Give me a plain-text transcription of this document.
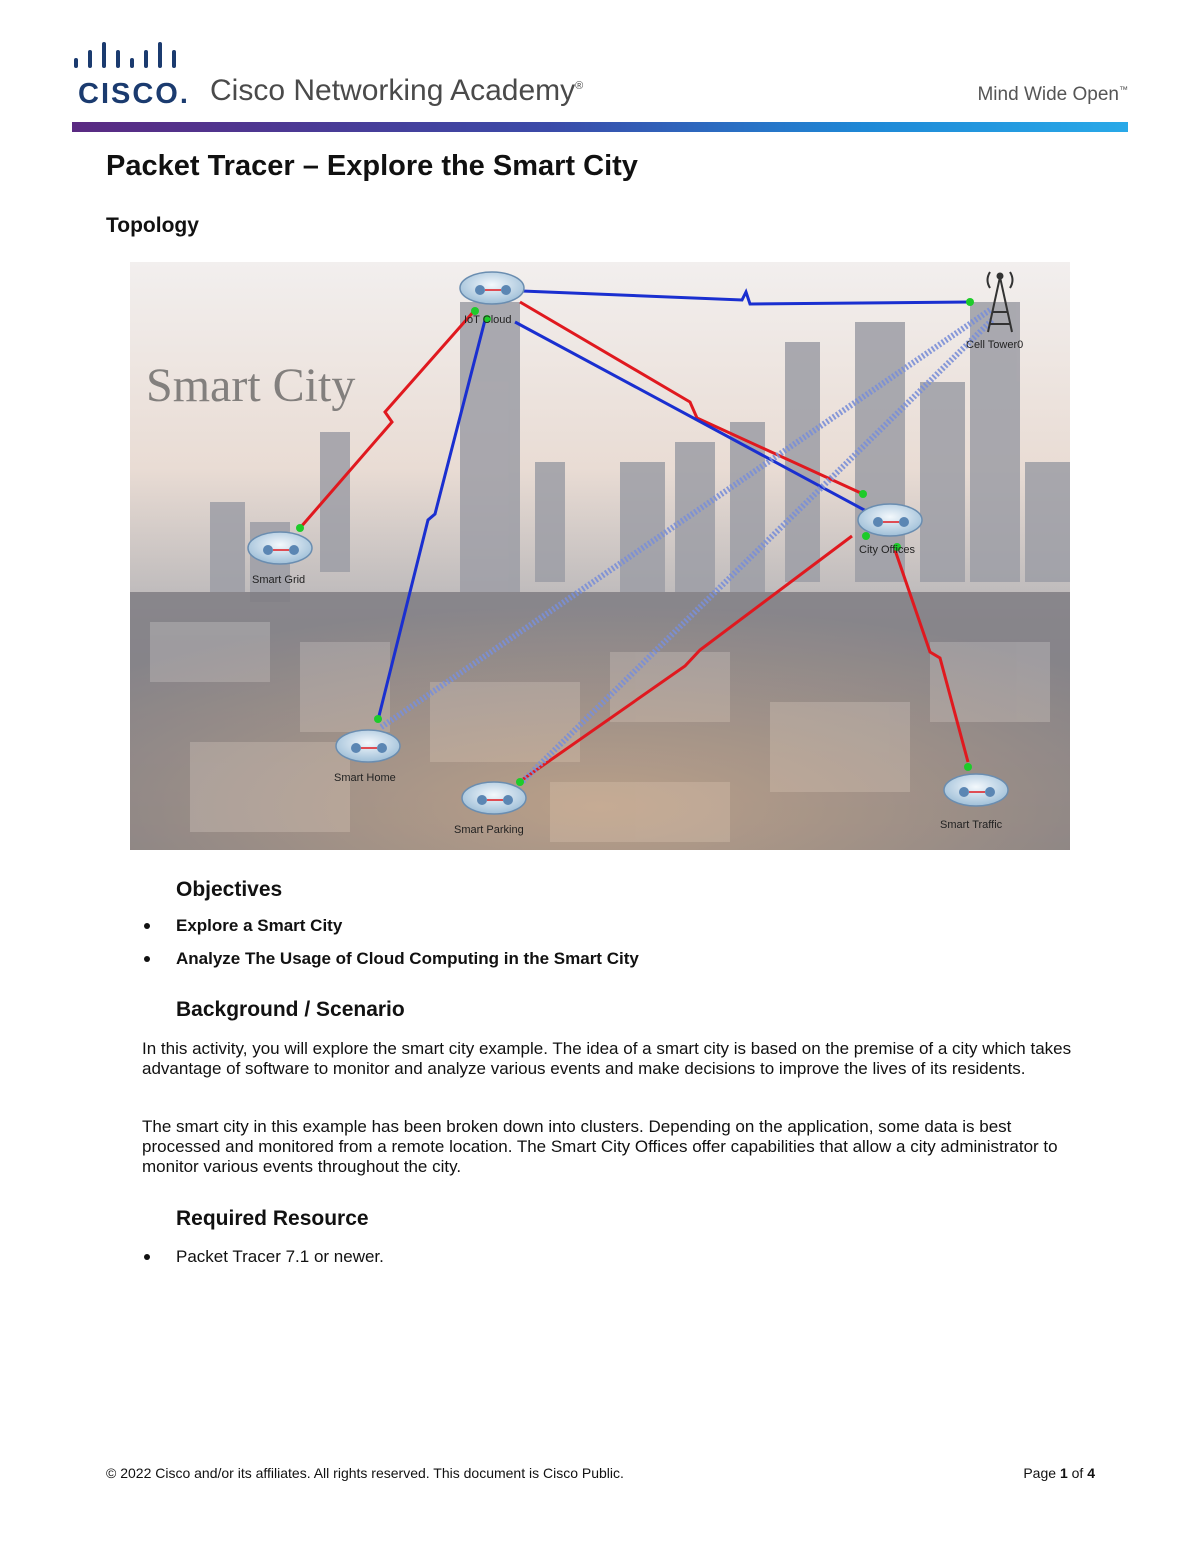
CISCO. Cisco Networking Academy®	Mind Wide Open™
Packet Tracer – Explore the Smart City
Topology
Smart City
IoT Cloud
Cell Tower0
City Offices
Smart Grid
Smart Home
Smart Parking	Smart Traffic
Objectives
Explore a Smart City
Analyze The Usage of Cloud Computing in the Smart City
Background / Scenario

In this activity, you will explore the smart city example. The idea of a smart city is based on the premise of a city which takes advantage of software to monitor and analyze various events and make decisions to improve the lives of its residents.

The smart city in this example has been broken down into clusters. Depending on the application, some data is best processed and monitored from a remote location. The Smart City Offices offer capabilities that allow a city administrator to monitor various events throughout the city.

Required Resource
Packet Tracer 7.1 or newer.
© 2022 Cisco and/or its affiliates. All rights reserved. This document is Cisco Public.	Page 1 of 4
